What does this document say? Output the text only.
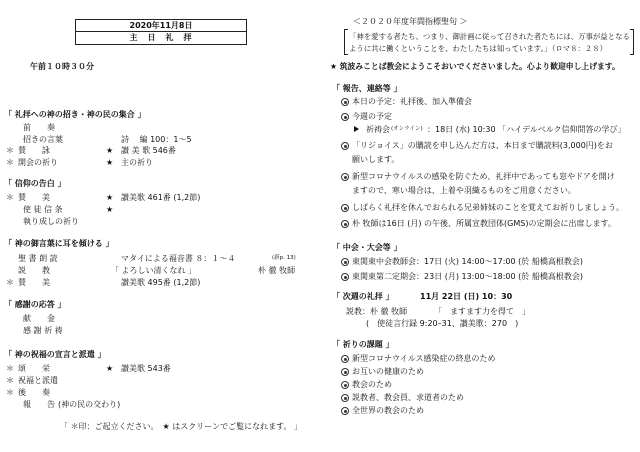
2020年11月8日
主　日　礼　拝
午前１０時３０分
「 礼拝への神の招き・神の民の集合 」
前　　奏
招きの言葉	詩　 編 100：1～5
＊ 賛　　詠	★ 讃 美 歌 546番
＊ 開会の祈り	★ 主の祈り
「 信仰の告白 」
＊ 賛　　美	★ 讃美歌 461番 (1,2節)
使 徒 信 条	★
執り成しの祈り
「 神の御言葉に耳を傾ける 」
聖 書 朗 読	マタイによる福音書 ８：１～４	(新p. 13)
説　　教	「 よろしい清くなれ 」	朴 徹 牧師
＊ 賛　　美	讃美歌 495番 (1,2節)
「 感謝の応答 」
献　　金
感 謝 祈 祷
「 神の祝福の宣言と派遣 」
＊ 頌　　栄	★ 讃美歌 543番
＊ 祝福と派遣
＊ 後　　奏
報　　告 (神の民の交わり)
「 ＊印：ご起立ください。　★ はスクリーンでご覧になれます。 」
＜２０２０年度年間指標聖句 ＞
「神を愛する者たち、つまり、御計画に従って召された者たちには、万事が益となる
ように共に働くということを、わたしたちは知っています。」（ロマ８：２８）
★ 筑波みことば教会にようこそおいでくださいました。心より歓迎申し上げます。
「 報告、連絡等 」
本日の予定：礼拝後、加入準備会
今週の予定
祈祷会 (オンライン) ：18日 (水) 10:30 「ハイデルベルク信仰問答の学び」
「リジョイス」の購読を申し込んだ方は、本日まで購読料(3,000円)をお
願いします。
新型コロナウイルスの感染を防ぐため、礼拝中であっても窓やドアを開け
ますので、寒い場合は、上着や羽織るものをご用意ください。
しばらく礼拝を休んでおられる兄弟姉妹のことを覚えてお祈りしましょう。
朴 牧師は16日 (月) の午後、所属宣教団体(GMS)の定期会に出席します。
「 中会・大会等 」
東関東中会教師会：17日 (火) 14:00～17:00 (於 船橋高根教会)
東関東第二定期会：23日 (月) 13:00～18:00 (於 船橋高根教会)
「 次週の礼拝 」	11月 22日 (日) 10：30
説教：朴 徹 牧師	「　ますます力を得て　」
(　使徒言行録 9:20–31、讃美歌：270　)
「 祈りの課題 」
新型コロナウイルス感染症の終息のため
お互いの健康のため
教会のため
説教者、教会員、求道者のため
全世界の教会のため
